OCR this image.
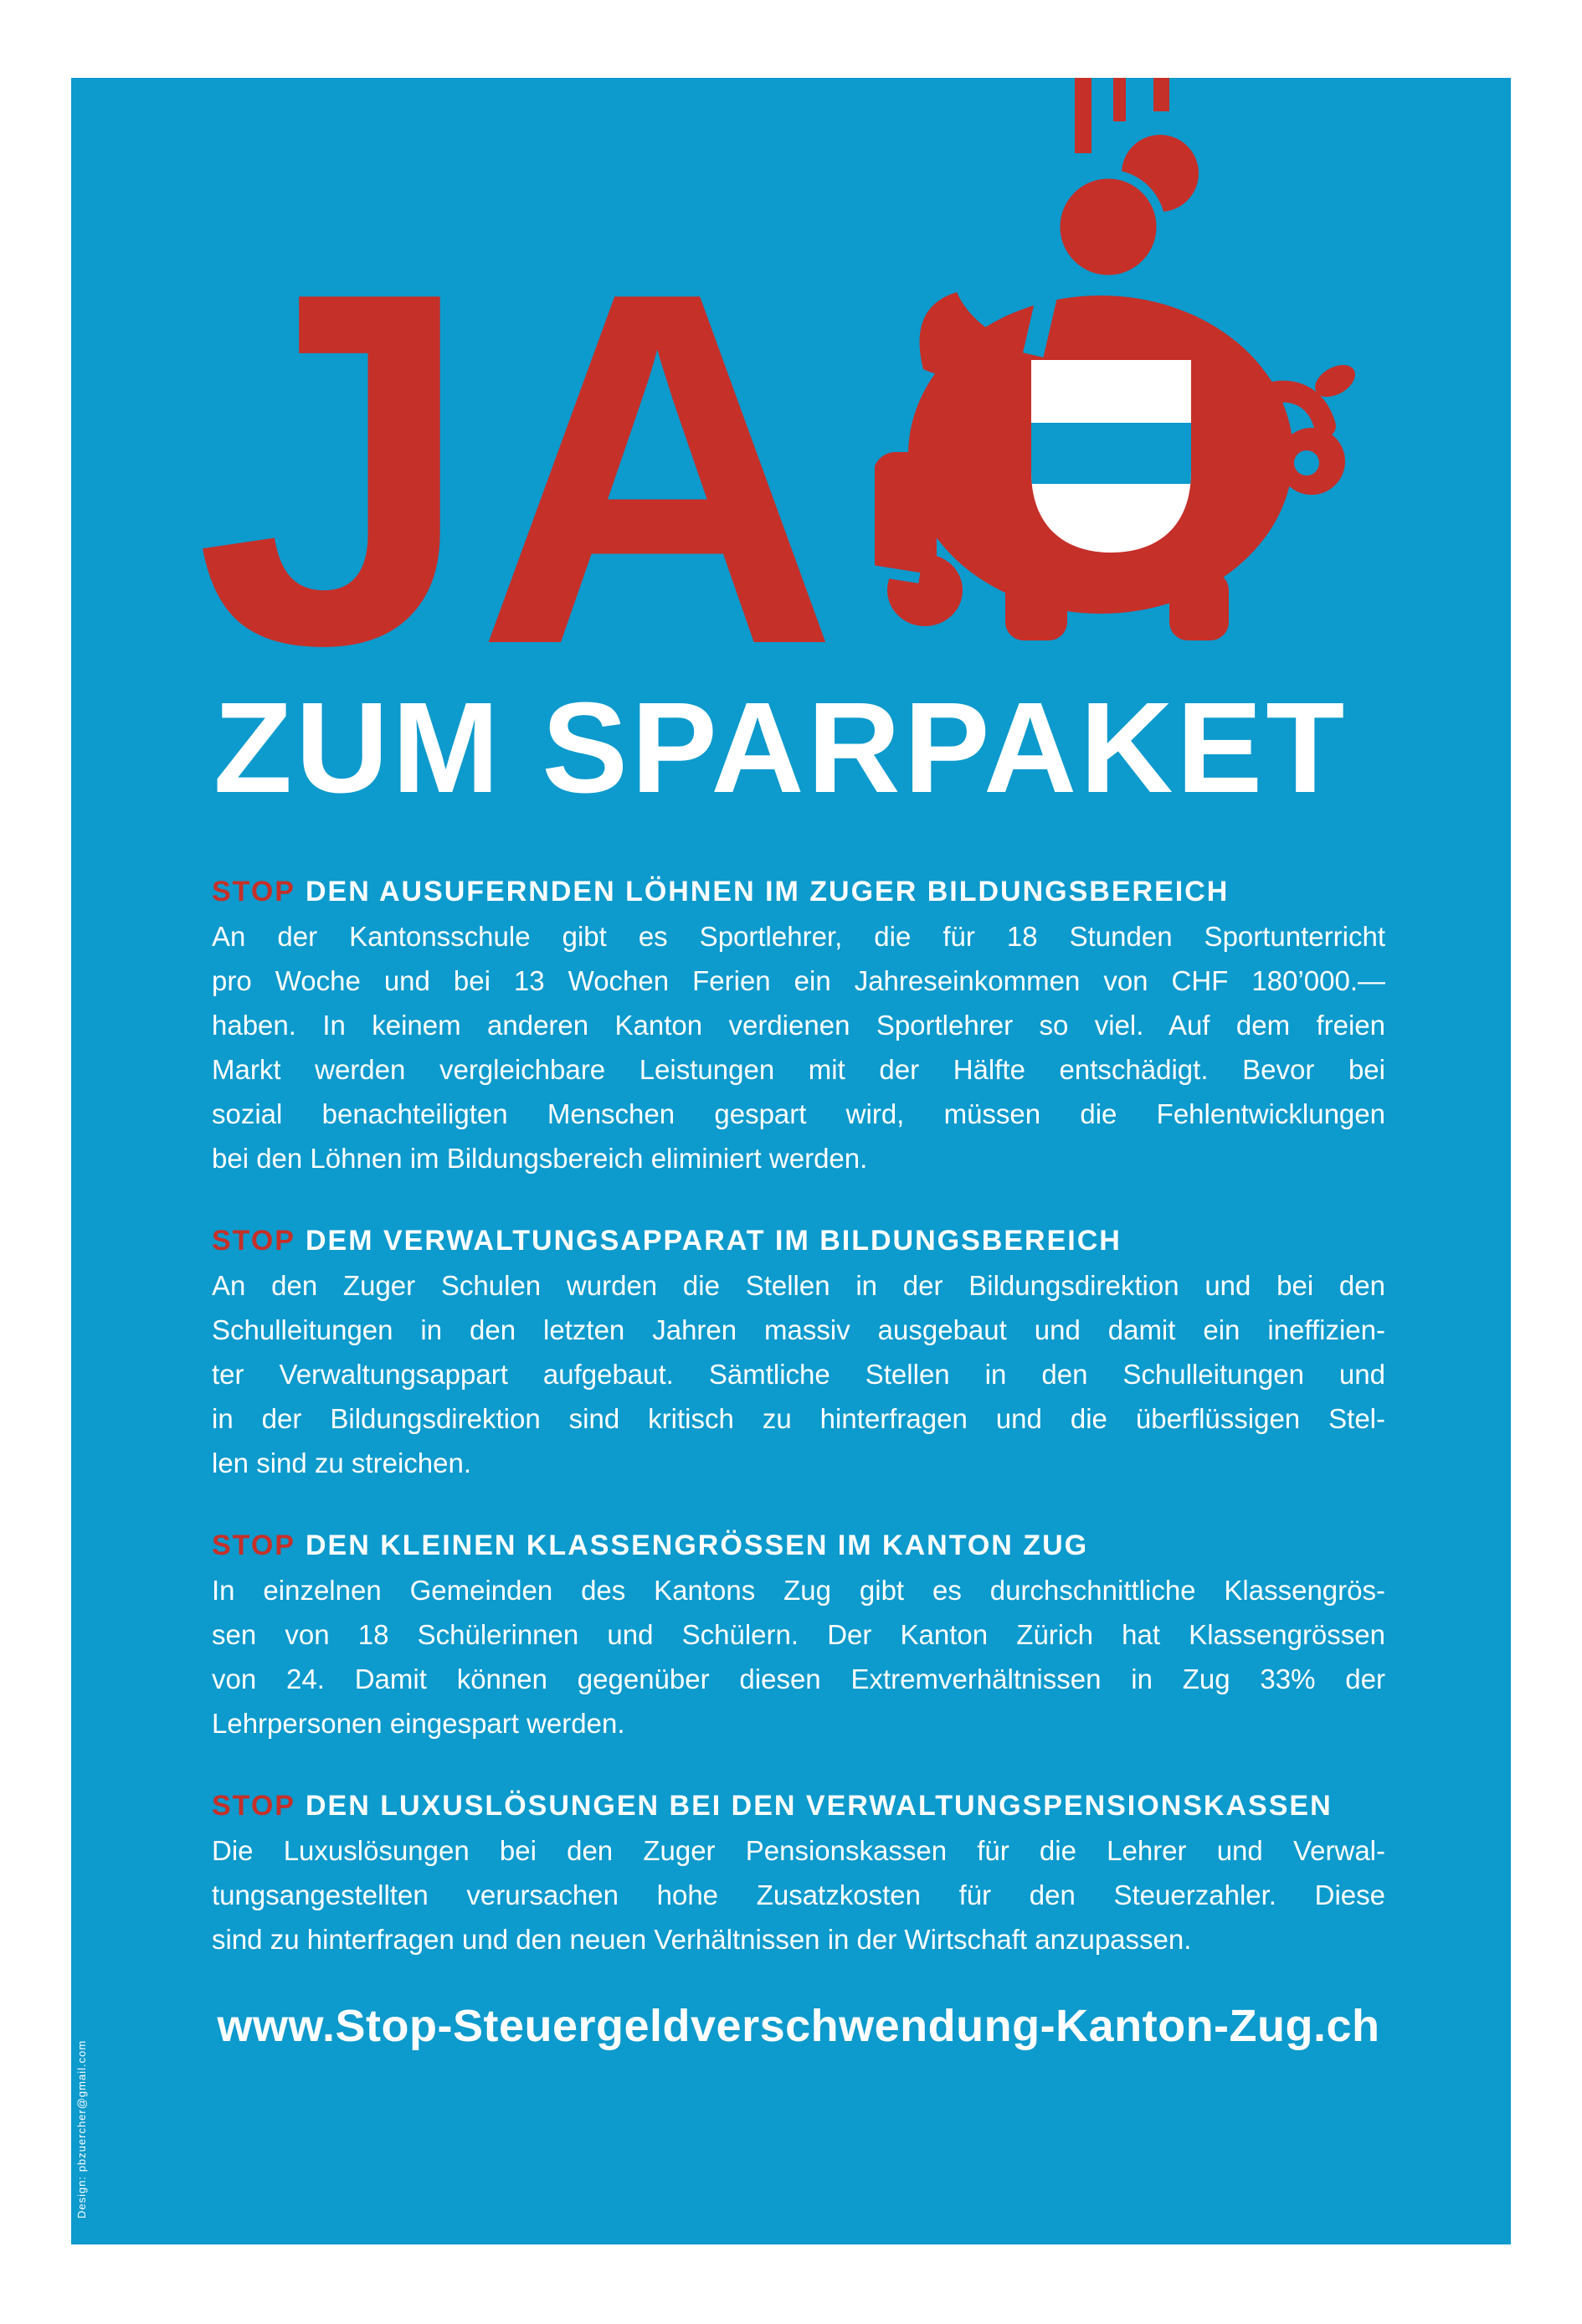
JA
ZUM SPARPAKET
STOP DEN AUSUFERNDEN LÖHNEN IM ZUGER BILDUNGSBEREICH
An der Kantonsschule gibt es Sportlehrer, die für 18 Stunden Sportunterricht
pro Woche und bei 13 Wochen Ferien ein Jahreseinkommen von CHF 180’000.—
haben. In keinem anderen Kanton verdienen Sportlehrer so viel. Auf dem freien
Markt werden vergleichbare Leistungen mit der Hälfte entschädigt. Bevor bei
sozial benachteiligten Menschen gespart wird, müssen die Fehlentwicklungen
bei den Löhnen im Bildungsbereich eliminiert werden.
STOP DEM VERWALTUNGSAPPARAT IM BILDUNGSBEREICH
An den Zuger Schulen wurden die Stellen in der Bildungsdirektion und bei den
Schulleitungen in den letzten Jahren massiv ausgebaut und damit ein ineffizien-
ter Verwaltungsappart aufgebaut. Sämtliche Stellen in den Schulleitungen und
in der Bildungsdirektion sind kritisch zu hinterfragen und die überflüssigen Stel-
len sind zu streichen.
STOP DEN KLEINEN KLASSENGRÖSSEN IM KANTON ZUG
In einzelnen Gemeinden des Kantons Zug gibt es durchschnittliche Klassengrös-
sen von 18 Schülerinnen und Schülern. Der Kanton Zürich hat Klassengrössen
von 24. Damit können gegenüber diesen Extremverhältnissen in Zug 33% der
Lehrpersonen eingespart werden.
STOP DEN LUXUSLÖSUNGEN BEI DEN VERWALTUNGSPENSIONSKASSEN
Die Luxuslösungen bei den Zuger Pensionskassen für die Lehrer und Verwal-
tungsangestellten verursachen hohe Zusatzkosten für den Steuerzahler. Diese
sind zu hinterfragen und den neuen Verhältnissen in der Wirtschaft anzupassen.
www.Stop-Steuergeldverschwendung-Kanton-Zug.ch
Design: pbzuercher@gmail.com
